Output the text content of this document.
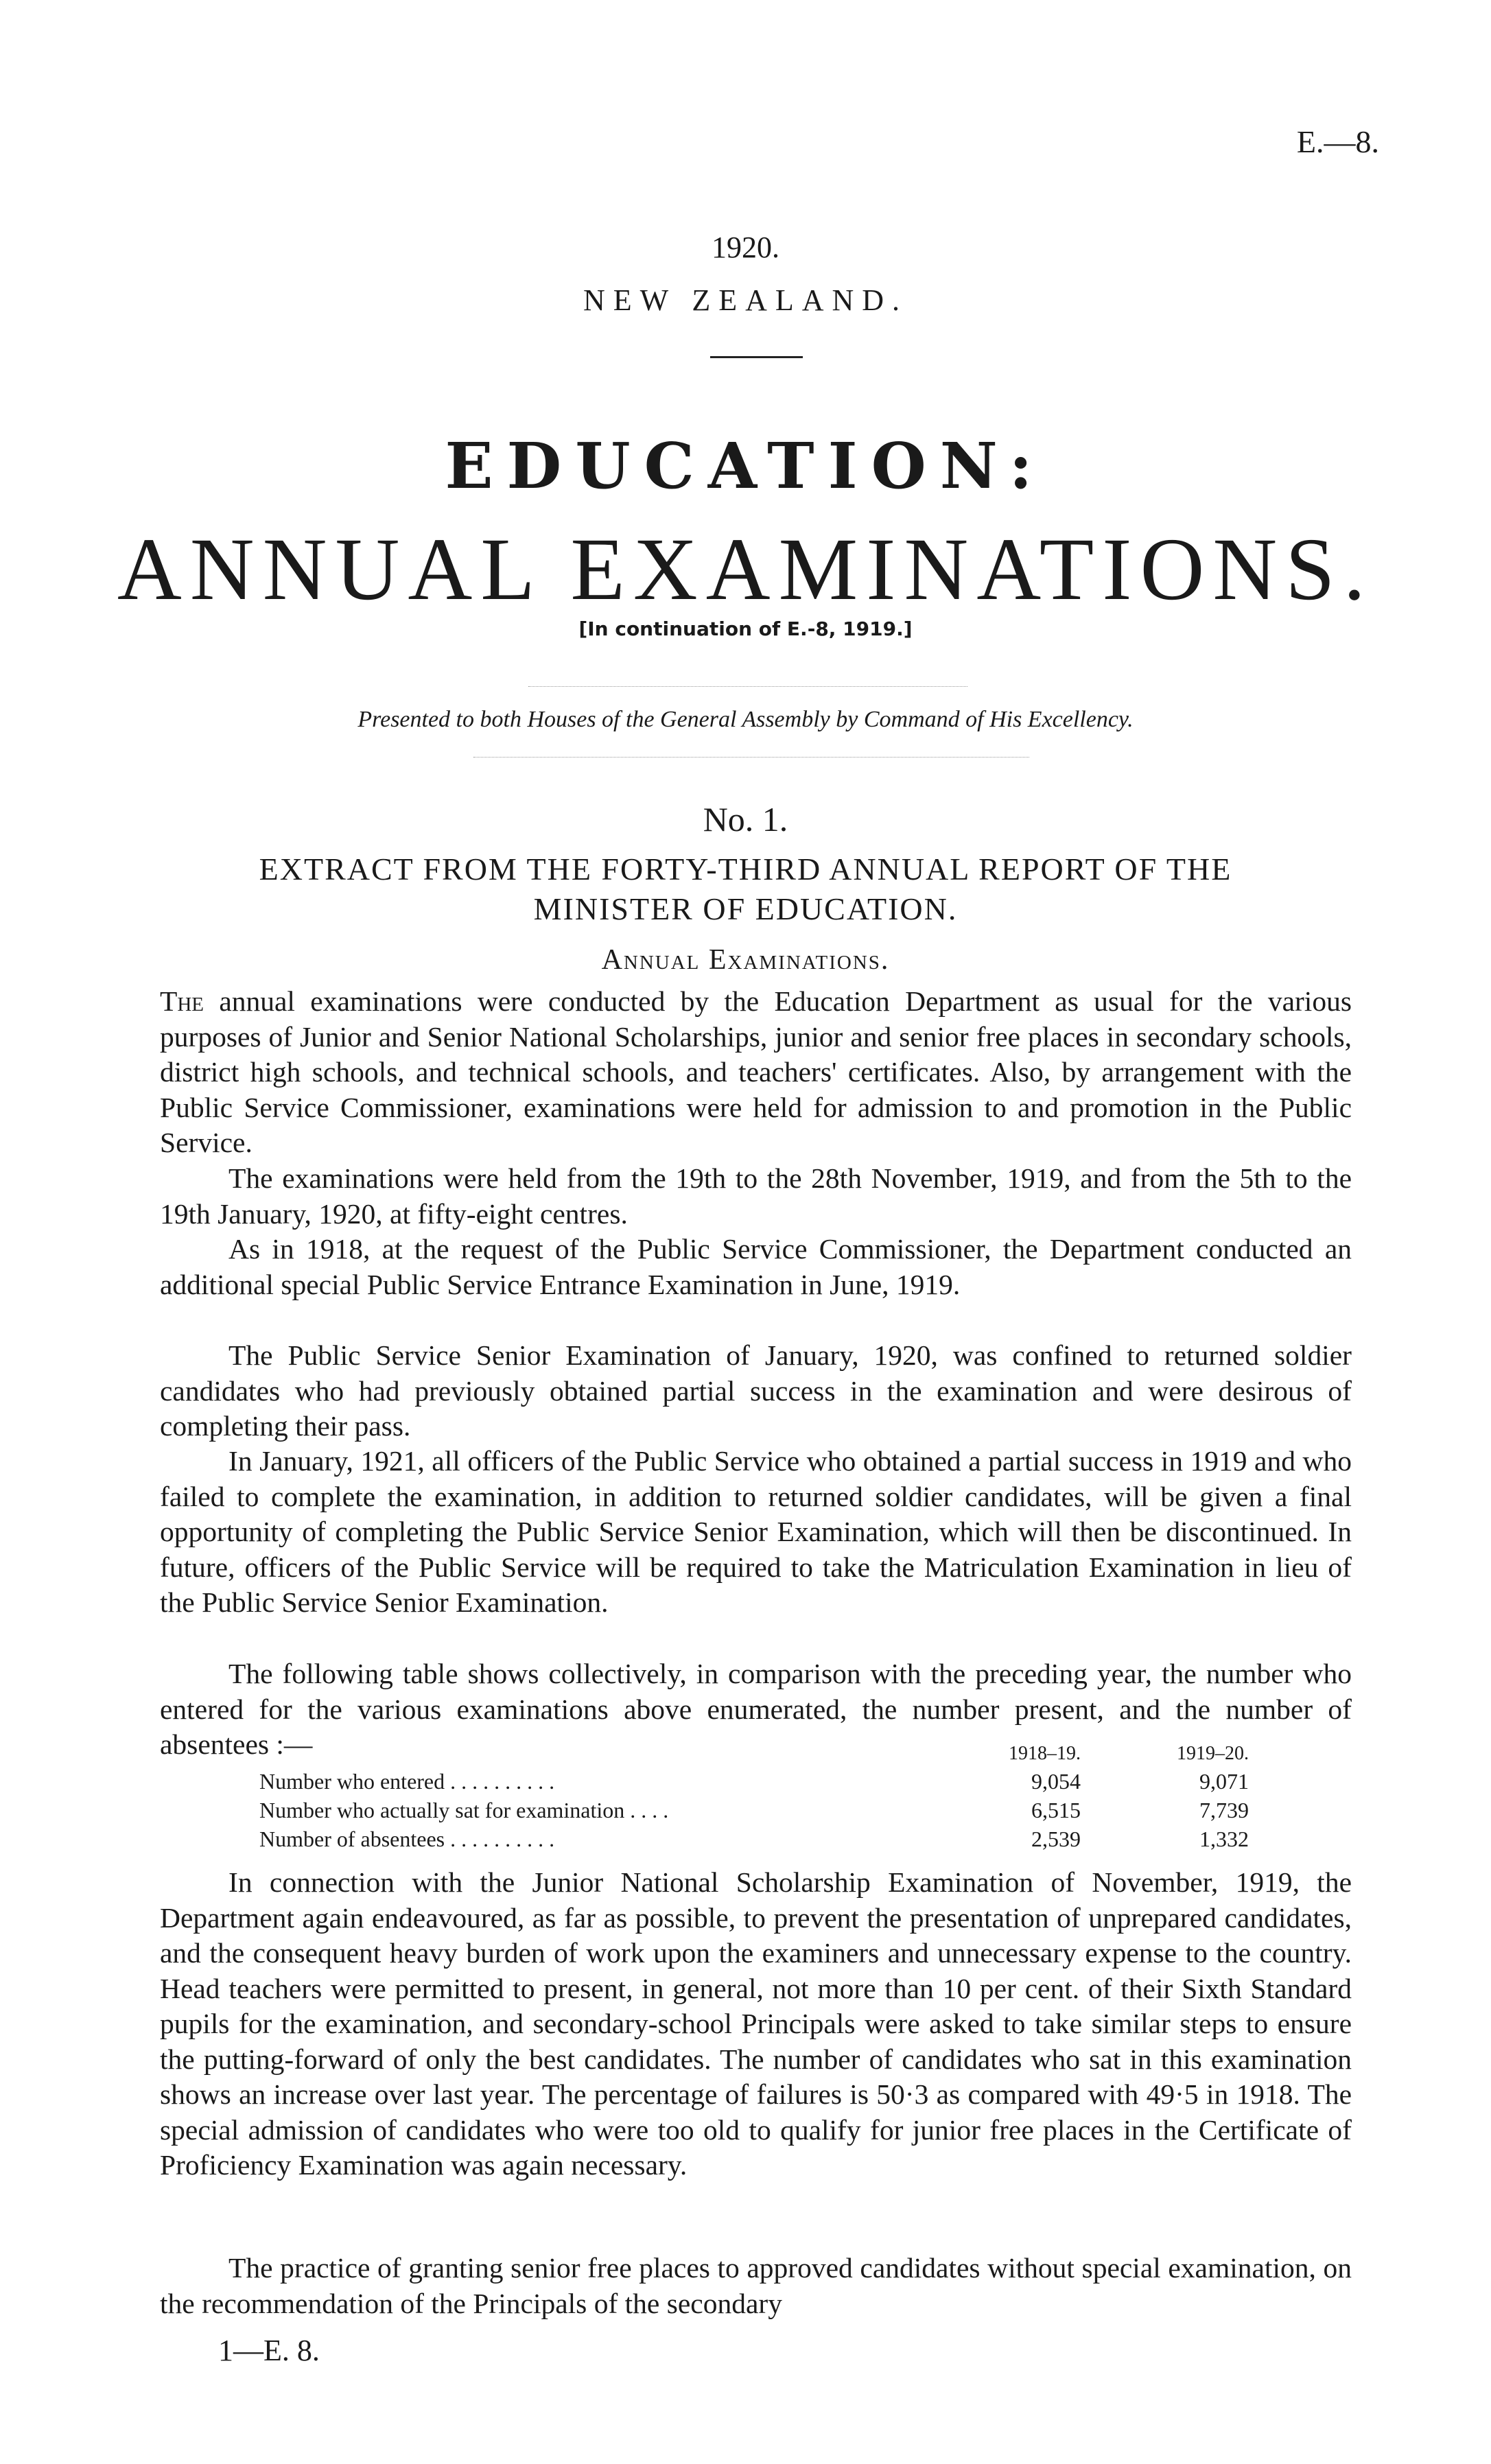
E.—8.
1920.
NEW ZEALAND.
EDUCATION:
ANNUAL EXAMINATIONS.
[In continuation of E.-8, 1919.]
Presented to both Houses of the General Assembly by Command of His Excellency.
No. 1.
EXTRACT FROM THE FORTY-THIRD ANNUAL REPORT OF THE
MINISTER OF EDUCATION.
Annual Examinations.

The annual examinations were conducted by the Education Department as usual for the various purposes of Junior and Senior National Scholarships, junior and senior free places in secondary schools, district high schools, and technical schools, and teachers' certificates. Also, by arrangement with the Public Service Commissioner, examinations were held for admission to and promotion in the Public Service.

The examinations were held from the 19th to the 28th November, 1919, and from the 5th to the 19th January, 1920, at fifty-eight centres.

As in 1918, at the request of the Public Service Commissioner, the Department conducted an additional special Public Service Entrance Examination in June, 1919.

The Public Service Senior Examination of January, 1920, was confined to returned soldier candidates who had previously obtained partial success in the examination and were desirous of completing their pass.

In January, 1921, all officers of the Public Service who obtained a partial success in 1919 and who failed to complete the examination, in addition to returned soldier candidates, will be given a final opportunity of completing the Public Service Senior Examination, which will then be discontinued. In future, officers of the Public Service will be required to take the Matriculation Examination in lieu of the Public Service Senior Examination.

The following table shows collectively, in comparison with the preceding year, the number who entered for the various examinations above enumerated, the number present, and the number of absentees :—	1918–19.	1919–20.
Number who entered . . . . . . . . . .	9,054	9,071
Number who actually sat for examination . . . .	6,515	7,739
Number of absentees . . . . . . . . . .	2,539	1,332

In connection with the Junior National Scholarship Examination of November, 1919, the Department again endeavoured, as far as possible, to prevent the presentation of unprepared candidates, and the consequent heavy burden of work upon the examiners and unnecessary expense to the country. Head teachers were permitted to present, in general, not more than 10 per cent. of their Sixth Standard pupils for the examination, and secondary-school Principals were asked to take similar steps to ensure the putting-forward of only the best candidates. The number of candidates who sat in this examination shows an increase over last year. The percentage of failures is 50·3 as compared with 49·5 in 1918. The special admission of candidates who were too old to qualify for junior free places in the Certificate of Proficiency Examination was again necessary.

The practice of granting senior free places to approved candidates without special examination, on the recommendation of the Principals of the secondary

1—E. 8.
